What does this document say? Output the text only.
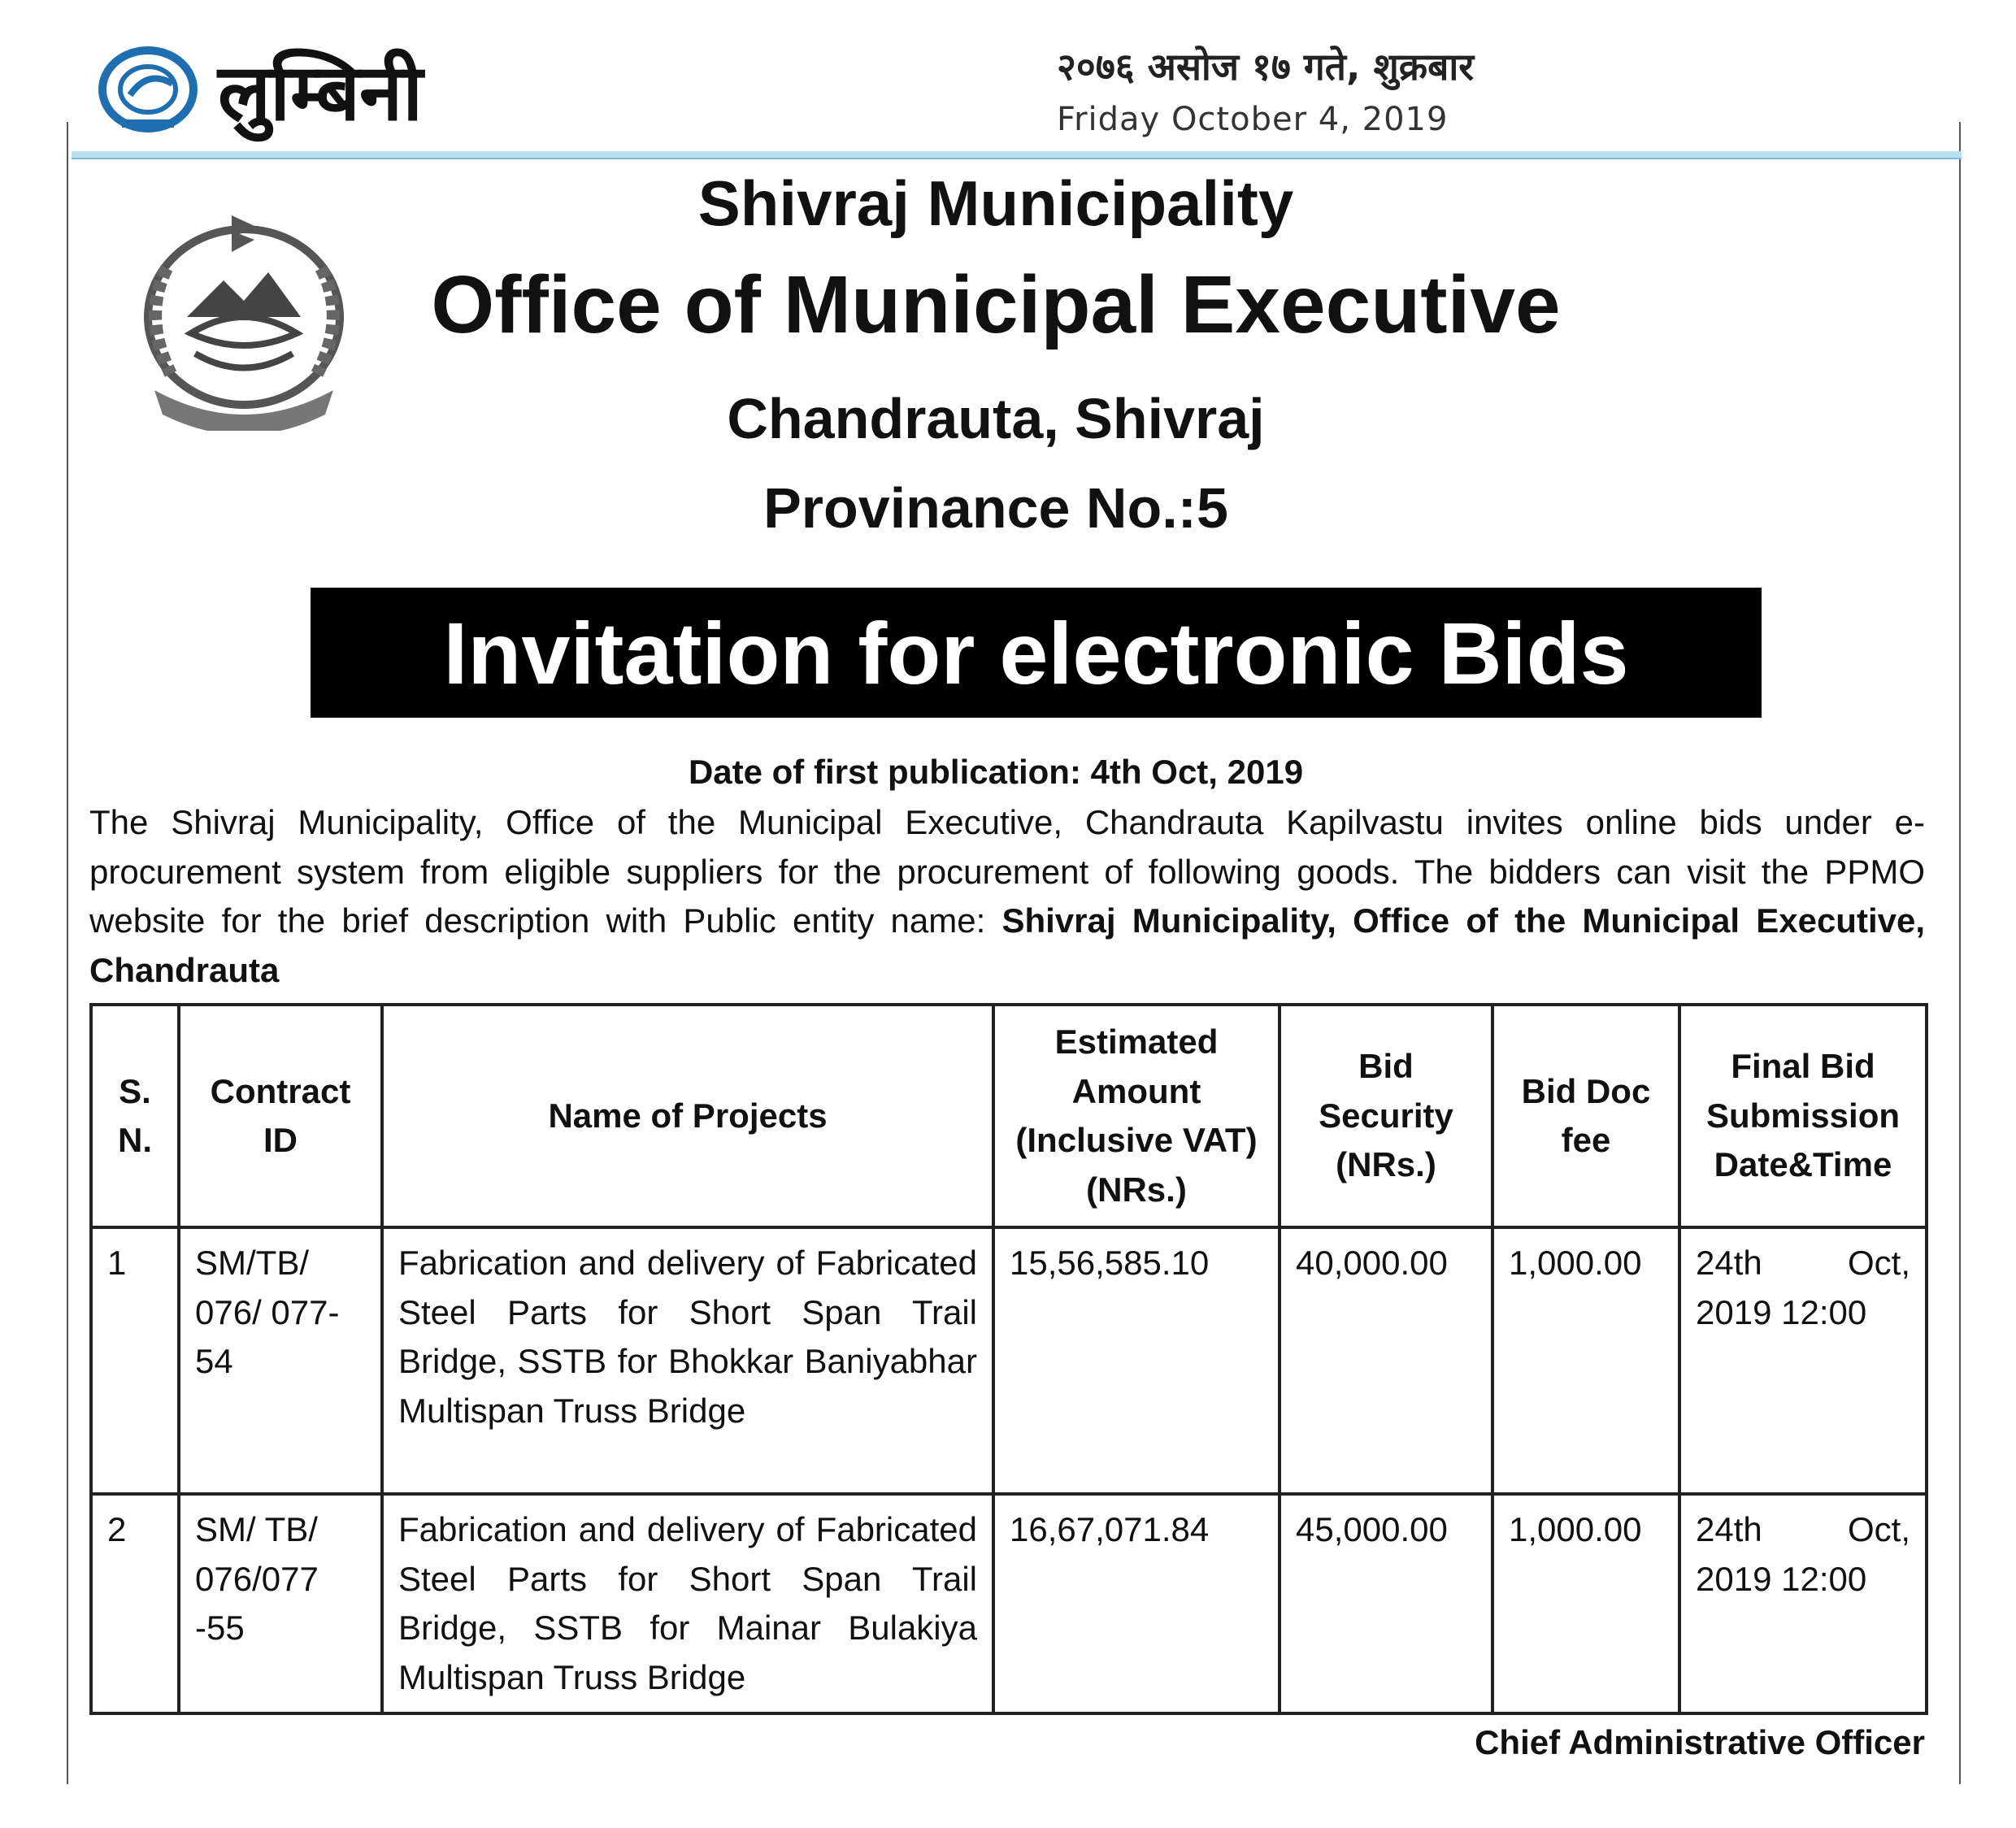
लुम्बिनी	२०७६ असोज १७ गते, शुक्रबार
Friday October 4, 2019
Shivraj Municipality
Office of Municipal Executive
Chandrauta, Shivraj
Provinance No.:5
Invitation for electronic Bids
Date of first publication: 4th Oct, 2019
The Shivraj Municipality, Office of the Municipal Executive, Chandrauta Kapilvastu invites online bids under e-procurement system from eligible suppliers for the procurement of following goods. The bidders can visit the PPMO website for the brief description with Public entity name: Shivraj Municipality, Office of the Municipal Executive, Chandrauta
S. N.	Contract ID	Name of Projects	Estimated Amount (Inclusive VAT) (NRs.)	Bid Security (NRs.)	Bid Doc fee	Final Bid Submission Date&Time
1	SM/TB/ 076/ 077-54	Fabrication and delivery of Fabricated Steel Parts for Short Span Trail Bridge, SSTB for Bhokkar Baniyabhar Multispan Truss Bridge	15,56,585.10	40,000.00	1,000.00	24th Oct, 2019 12:00
2	SM/ TB/ 076/077 -55	Fabrication and delivery of Fabricated Steel Parts for Short Span Trail Bridge, SSTB for Mainar Bulakiya Multispan Truss Bridge	16,67,071.84	45,000.00	1,000.00	24th Oct, 2019 12:00
Chief Administrative Officer
